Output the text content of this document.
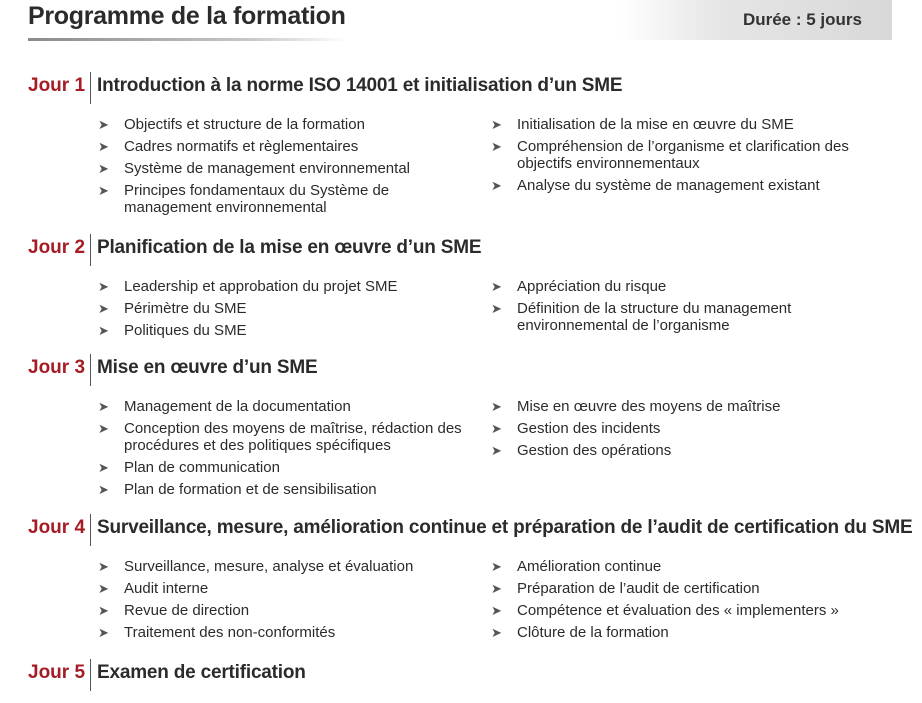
Programme de la formation	Durée : 5 jours
Jour 1 Introduction à la norme ISO 14001 et initialisation d’un SME
➤ Objectifs et structure de la formation
➤ Cadres normatifs et règlementaires
➤ Système de management environnemental
➤ Principes fondamentaux du Système de management environnemental
➤ Initialisation de la mise en œuvre du SME
➤ Compréhension de l’organisme et clarification des objectifs environnementaux
➤ Analyse du système de management existant
Jour 2 Planification de la mise en œuvre d’un SME
➤ Leadership et approbation du projet SME
➤ Périmètre du SME
➤ Politiques du SME
➤ Appréciation du risque
➤ Définition de la structure du management environnemental de l’organisme
Jour 3 Mise en œuvre d’un SME
➤ Management de la documentation
➤ Conception des moyens de maîtrise, rédaction des procédures et des politiques spécifiques
➤ Plan de communication
➤ Plan de formation et de sensibilisation
➤ Mise en œuvre des moyens de maîtrise
➤ Gestion des incidents
➤ Gestion des opérations
Jour 4 Surveillance, mesure, amélioration continue et préparation de l’audit de certification du SME
➤ Surveillance, mesure, analyse et évaluation
➤ Audit interne
➤ Revue de direction
➤ Traitement des non-conformités
➤ Amélioration continue
➤ Préparation de l’audit de certification
➤ Compétence et évaluation des « implementers »
➤ Clôture de la formation
Jour 5 Examen de certification
